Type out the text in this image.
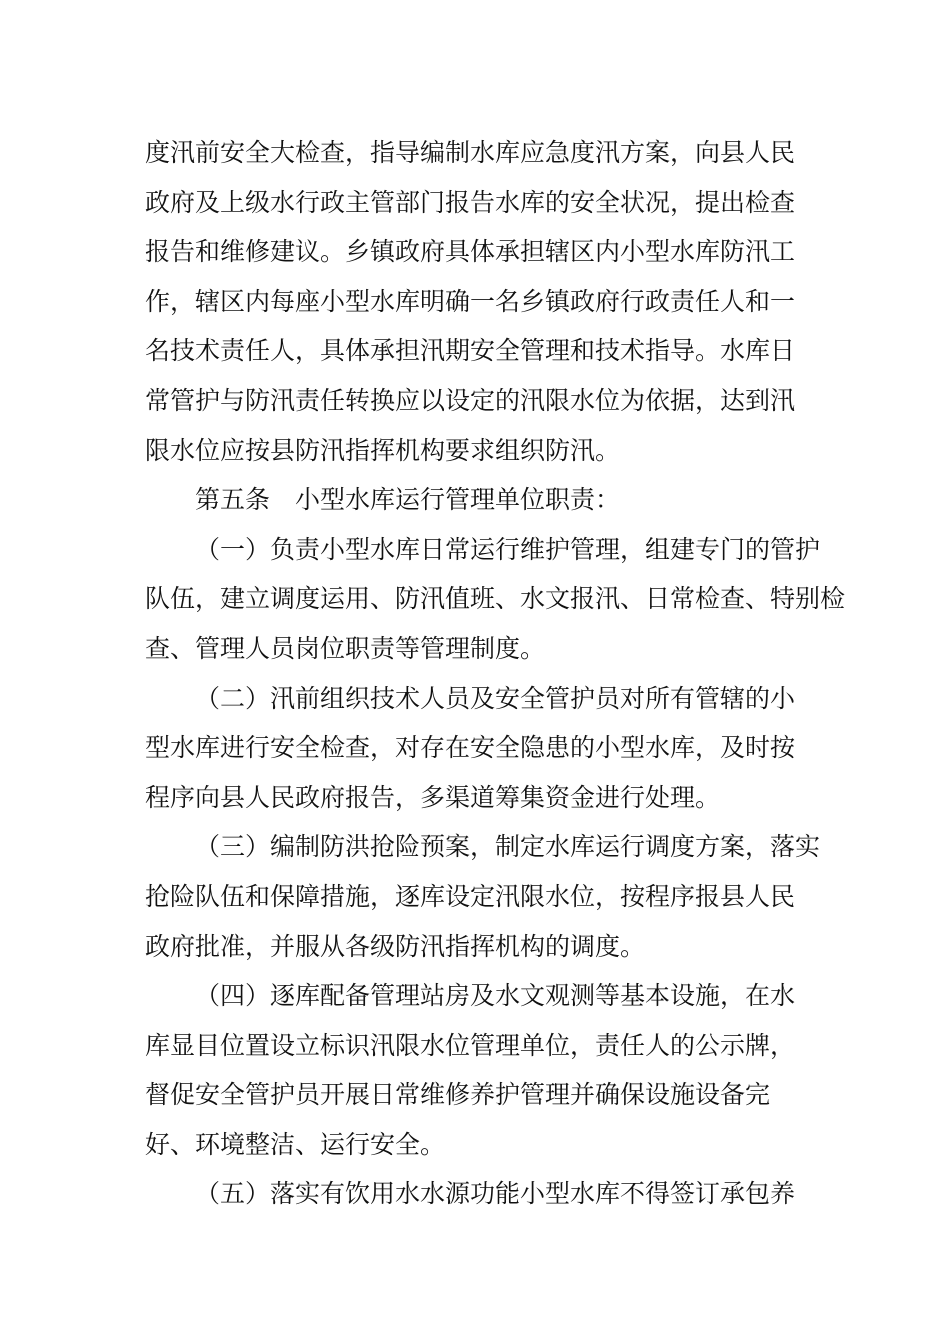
度汛前安全大检查，指导编制水库应急度汛方案，向县人民
政府及上级水行政主管部门报告水库的安全状况，提出检查
报告和维修建议。乡镇政府具体承担辖区内小型水库防汛工
作，辖区内每座小型水库明确一名乡镇政府行政责任人和一
名技术责任人，具体承担汛期安全管理和技术指导。水库日
常管护与防汛责任转换应以设定的汛限水位为依据，达到汛
限水位应按县防汛指挥机构要求组织防汛。
第五条　小型水库运行管理单位职责：
（一）负责小型水库日常运行维护管理，组建专门的管护
队伍，建立调度运用、防汛值班、水文报汛、日常检查、特别检
查、管理人员岗位职责等管理制度。
（二）汛前组织技术人员及安全管护员对所有管辖的小
型水库进行安全检查，对存在安全隐患的小型水库，及时按
程序向县人民政府报告，多渠道筹集资金进行处理。
（三）编制防洪抢险预案，制定水库运行调度方案，落实
抢险队伍和保障措施，逐库设定汛限水位，按程序报县人民
政府批准，并服从各级防汛指挥机构的调度。
（四）逐库配备管理站房及水文观测等基本设施，在水
库显目位置设立标识汛限水位管理单位，责任人的公示牌，
督促安全管护员开展日常维修养护管理并确保设施设备完
好、环境整洁、运行安全。
（五）落实有饮用水水源功能小型水库不得签订承包养
